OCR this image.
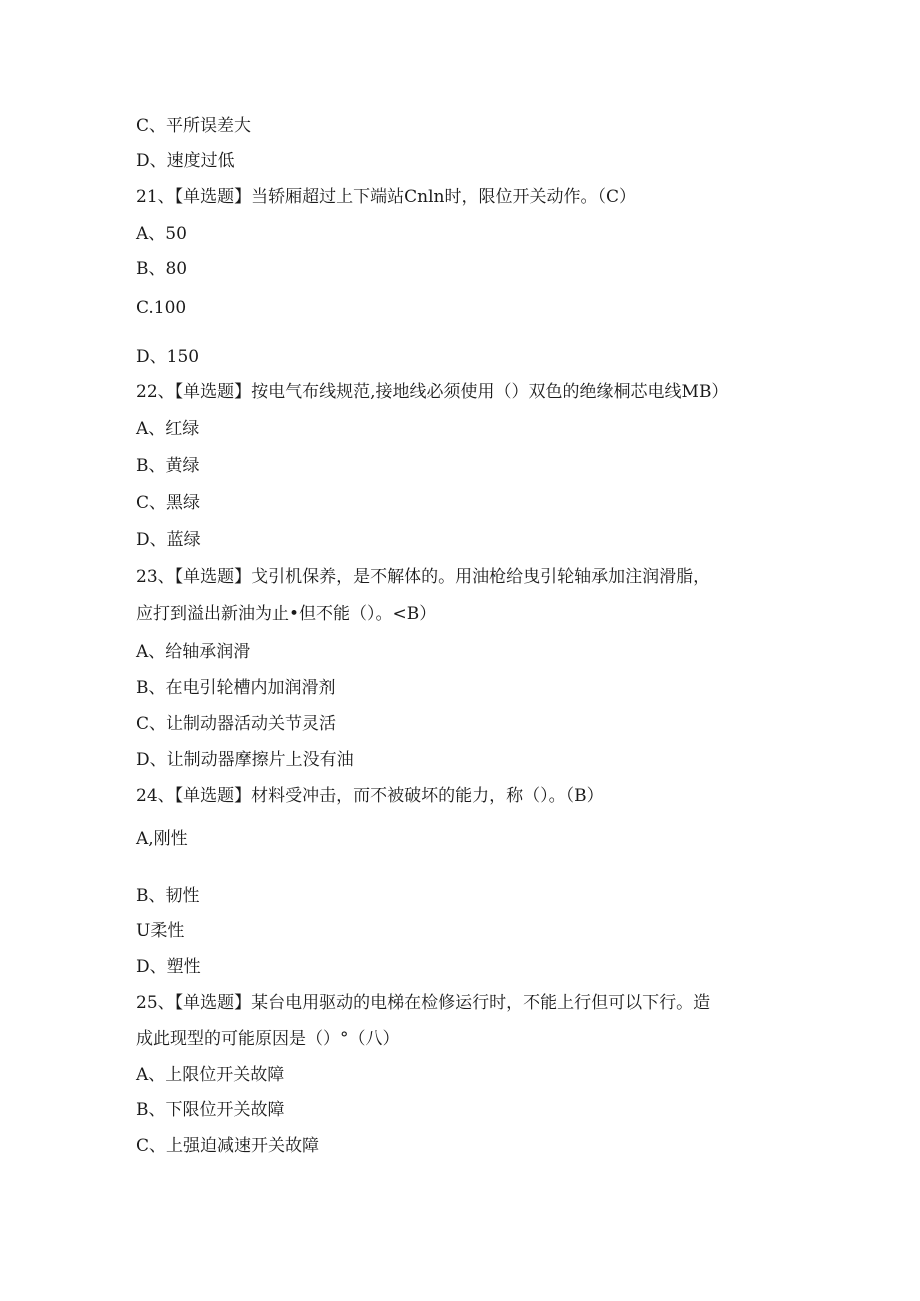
C、平所误差大
D、速度过低
21、【单选题】当轿厢超过上下端站Cnln时，限位开关动作。（C）
A、50
B、80
C.100
D、150
22、【单选题】按电气布线规范,接地线必须使用（）双色的绝缘桐芯电线MB）
A、红绿
B、黄绿
C、黑绿
D、蓝绿
23、【单选题】戈引机保养，是不解体的。用油枪给曳引轮轴承加注润滑脂，
应打到溢出新油为止•但不能（）。<B）
A、给轴承润滑
B、在电引轮槽内加润滑剂
C、让制动器活动关节灵活
D、让制动器摩擦片上没有油
24、【单选题】材料受冲击，而不被破坏的能力，称（）。（B）
A,刚性
B、韧性
U柔性
D、塑性
25、【单选题】某台电用驱动的电梯在检修运行时，不能上行但可以下行。造
成此现型的可能原因是（）°（八）
A、上限位开关故障
B、下限位开关故障
C、上强迫减速开关故障
